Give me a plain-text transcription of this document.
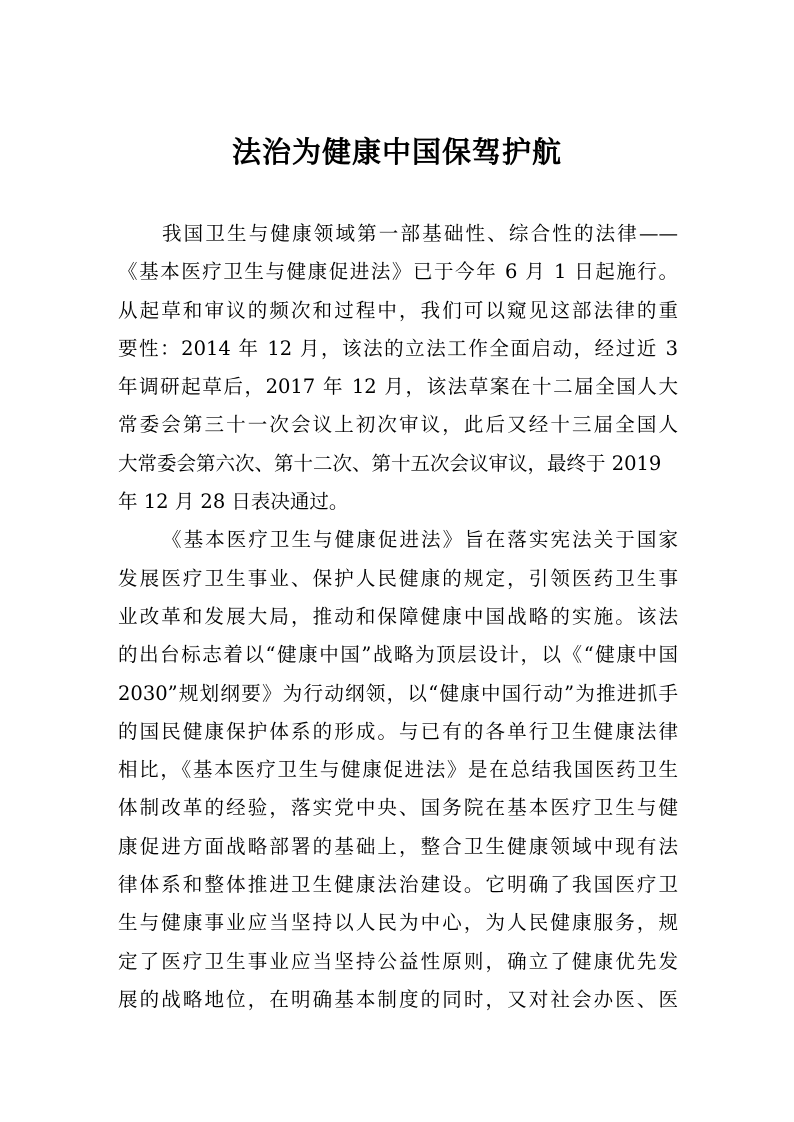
法治为健康中国保驾护航
我国卫生与健康领域第一部基础性、综合性的法律——
《基本医疗卫生与健康促进法》已于今年 6 月 1 日起施行。
从起草和审议的频次和过程中，我们可以窥见这部法律的重
要性：2014 年 12 月，该法的立法工作全面启动，经过近 3
年调研起草后，2017 年 12 月，该法草案在十二届全国人大
常委会第三十一次会议上初次审议，此后又经十三届全国人
大常委会第六次、第十二次、第十五次会议审议，最终于 2019
年 12 月 28 日表决通过。
《基本医疗卫生与健康促进法》旨在落实宪法关于国家
发展医疗卫生事业、保护人民健康的规定，引领医药卫生事
业改革和发展大局，推动和保障健康中国战略的实施。该法
的出台标志着以“健康中国”战略为顶层设计，以《“健康中国
2030”规划纲要》为行动纲领，以“健康中国行动”为推进抓手
的国民健康保护体系的形成。与已有的各单行卫生健康法律
相比，《基本医疗卫生与健康促进法》是在总结我国医药卫生
体制改革的经验，落实党中央、国务院在基本医疗卫生与健
康促进方面战略部署的基础上，整合卫生健康领域中现有法
律体系和整体推进卫生健康法治建设。它明确了我国医疗卫
生与健康事业应当坚持以人民为中心，为人民健康服务，规
定了医疗卫生事业应当坚持公益性原则，确立了健康优先发
展的战略地位，在明确基本制度的同时，又对社会办医、医
